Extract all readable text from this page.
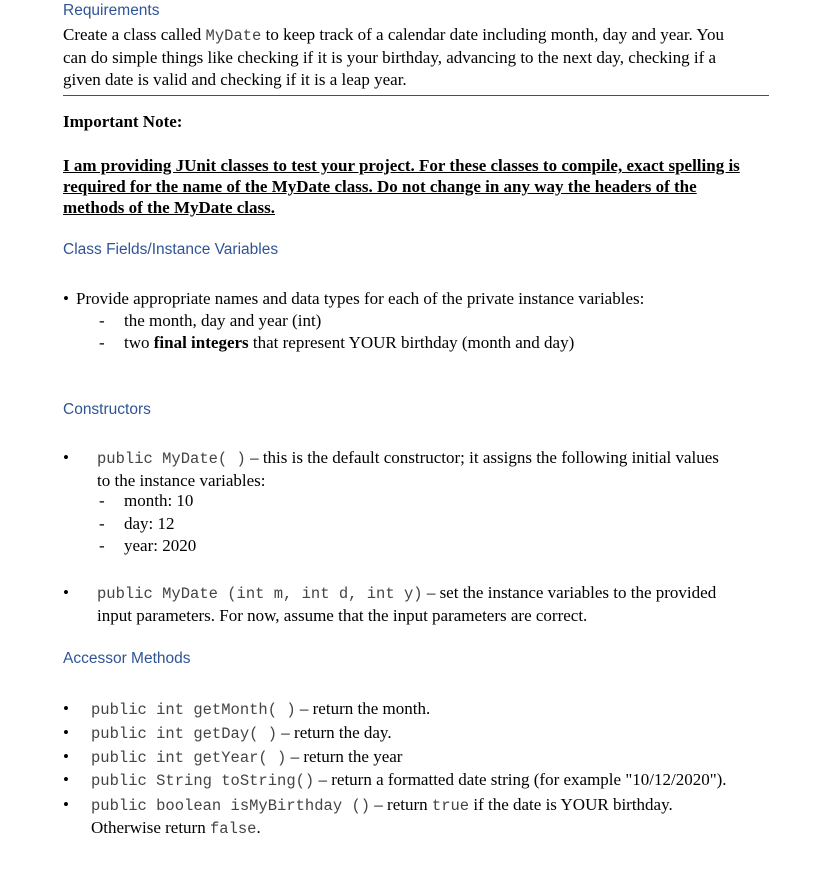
Requirements
Create a class called MyDate to keep track of a calendar date including month, day and year. You
can do simple things like checking if it is your birthday, advancing to the next day, checking if a
given date is valid and checking if it is a leap year.
Important Note:
I am providing JUnit classes to test your project. For these classes to compile, exact spelling is
required for the name of the MyDate class. Do not change in any way the headers of the
methods of the MyDate class.
Class Fields/Instance Variables
• Provide appropriate names and data types for each of the private instance variables:
- the month, day and year (int)
- two final integers that represent YOUR birthday (month and day)
Constructors
• public MyDate( ) – this is the default constructor; it assigns the following initial values
to the instance variables:
- month: 10
- day: 12
- year: 2020
• public MyDate (int m, int d, int y) – set the instance variables to the provided
input parameters. For now, assume that the input parameters are correct.
Accessor Methods
• public int getMonth( ) – return the month.
• public int getDay( ) – return the day.
• public int getYear( ) – return the year
• public String toString() – return a formatted date string (for example "10/12/2020").
• public boolean isMyBirthday () – return true if the date is YOUR birthday.
Otherwise return false.
